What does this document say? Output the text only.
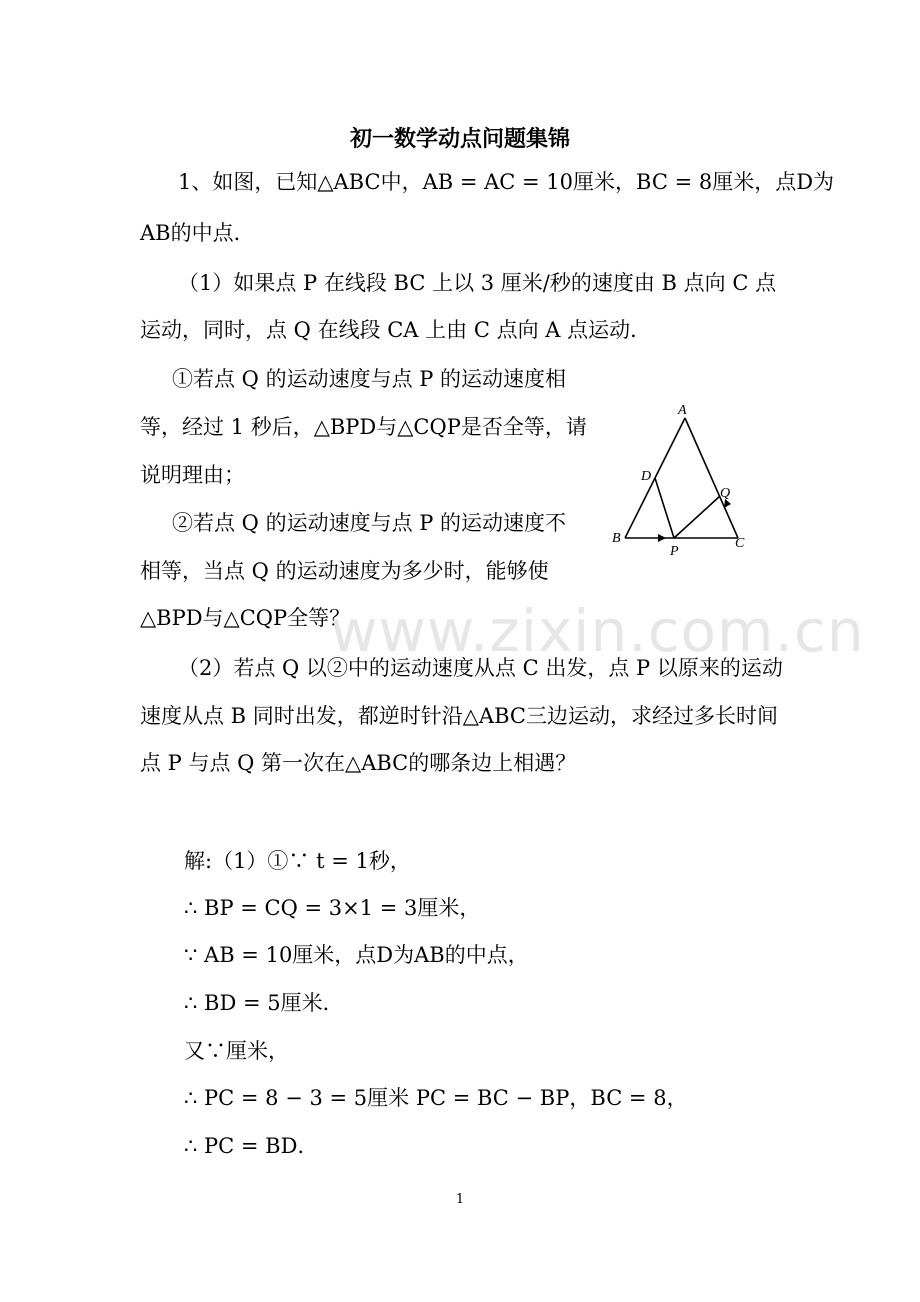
www.zixin.com.cn
初一数学动点问题集锦
1、如图，已知△ABC中，AB = AC = 10厘米，BC = 8厘米，点D为
AB的中点．
（1）如果点 P 在线段 BC 上以 3 厘米/秒的速度由 B 点向 C 点
运动，同时，点 Q 在线段 CA 上由 C 点向 A 点运动．
①若点 Q 的运动速度与点 P 的运动速度相
等，经过 1 秒后，△BPD与△CQP是否全等，请
说明理由；
②若点 Q 的运动速度与点 P 的运动速度不
相等，当点 Q 的运动速度为多少时，能够使
△BPD与△CQP全等？
（2）若点 Q 以②中的运动速度从点 C 出发，点 P 以原来的运动
速度从点 B 同时出发，都逆时针沿△ABC三边运动，求经过多长时间
点 P 与点 Q 第一次在△ABC的哪条边上相遇？
A
D
Q
B
P
C
解:（1）①∵ t = 1秒，
∴ BP = CQ = 3×1 = 3厘米，
∵ AB = 10厘米，点D为AB的中点，
∴ BD = 5厘米．
又∵厘米，
∴ PC = 8 − 3 = 5厘米 PC = BC − BP，BC = 8，
∴ PC = BD．
1
